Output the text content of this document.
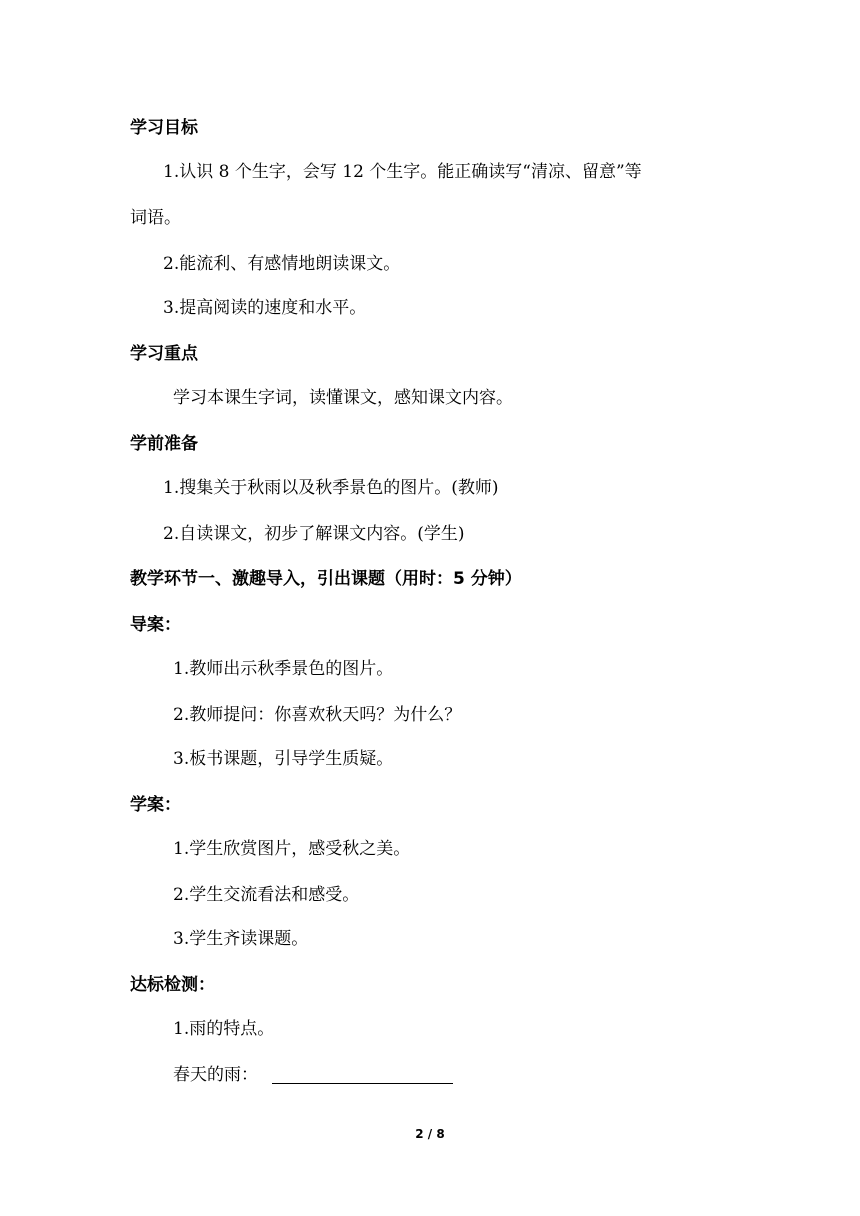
学习目标
1.认识 8 个生字，会写 12 个生字。能正确读写“清凉、留意”等
词语。
2.能流利、有感情地朗读课文。
3.提高阅读的速度和水平。
学习重点
学习本课生字词，读懂课文，感知课文内容。
学前准备
1.搜集关于秋雨以及秋季景色的图片。(教师)
2.自读课文，初步了解课文内容。(学生)
教学环节一、激趣导入，引出课题（用时：5 分钟）
导案：
1.教师出示秋季景色的图片。
2.教师提问：你喜欢秋天吗？为什么？
3.板书课题，引导学生质疑。
学案：
1.学生欣赏图片，感受秋之美。
2.学生交流看法和感受。
3.学生齐读课题。
达标检测：
1.雨的特点。
春天的雨：
2 / 8
